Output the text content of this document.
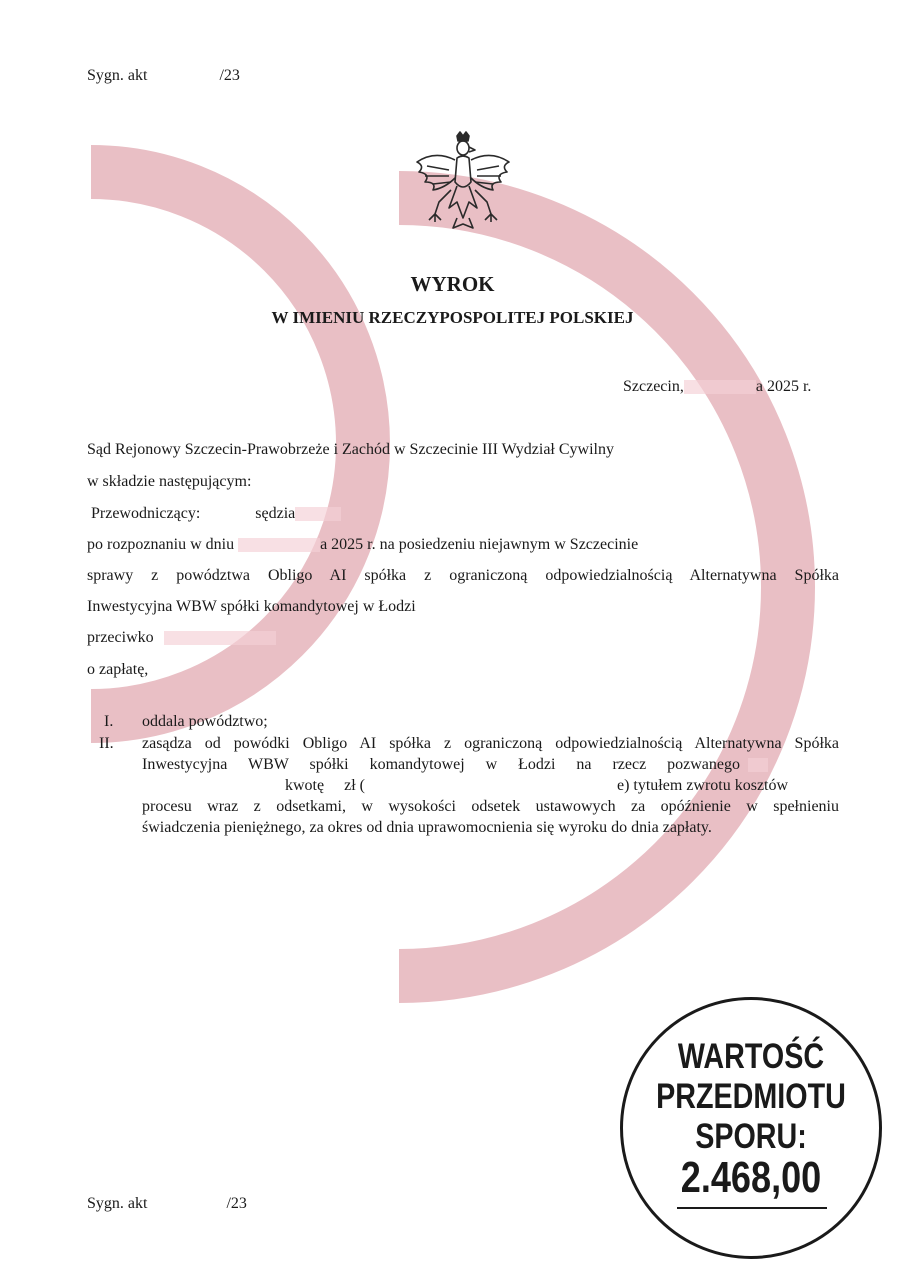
Sygn. akt	/23
WYROK
W IMIENIU RZECZYPOSPOLITEJ POLSKIEJ
Szczecin,	a 2025 r.
Sąd Rejonowy Szczecin-Prawobrzeże i Zachód w Szczecinie III Wydział Cywilny
w składzie następującym:
Przewodniczący:	sędzia
po rozpoznaniu w dniu	a 2025 r. na posiedzeniu niejawnym w Szczecinie
sprawy z powództwa Obligo AI spółka z ograniczoną odpowiedzialnością Alternatywna Spółka
Inwestycyjna WBW spółki komandytowej w Łodzi
przeciwko
o zapłatę,
I. oddala powództwo;
II. zasądza od powódki Obligo AI spółka z ograniczoną odpowiedzialnością Alternatywna Spółka
Inwestycyjna WBW spółki komandytowej w Łodzi na rzecz pozwanego
kwotę zł (	e) tytułem zwrotu kosztów
procesu wraz z odsetkami, w wysokości odsetek ustawowych za opóźnienie w spełnieniu
świadczenia pieniężnego, za okres od dnia uprawomocnienia się wyroku do dnia zapłaty.
Sygn. akt	/23
WARTOŚĆ
PRZEDMIOTU
SPORU:
2.468,00
